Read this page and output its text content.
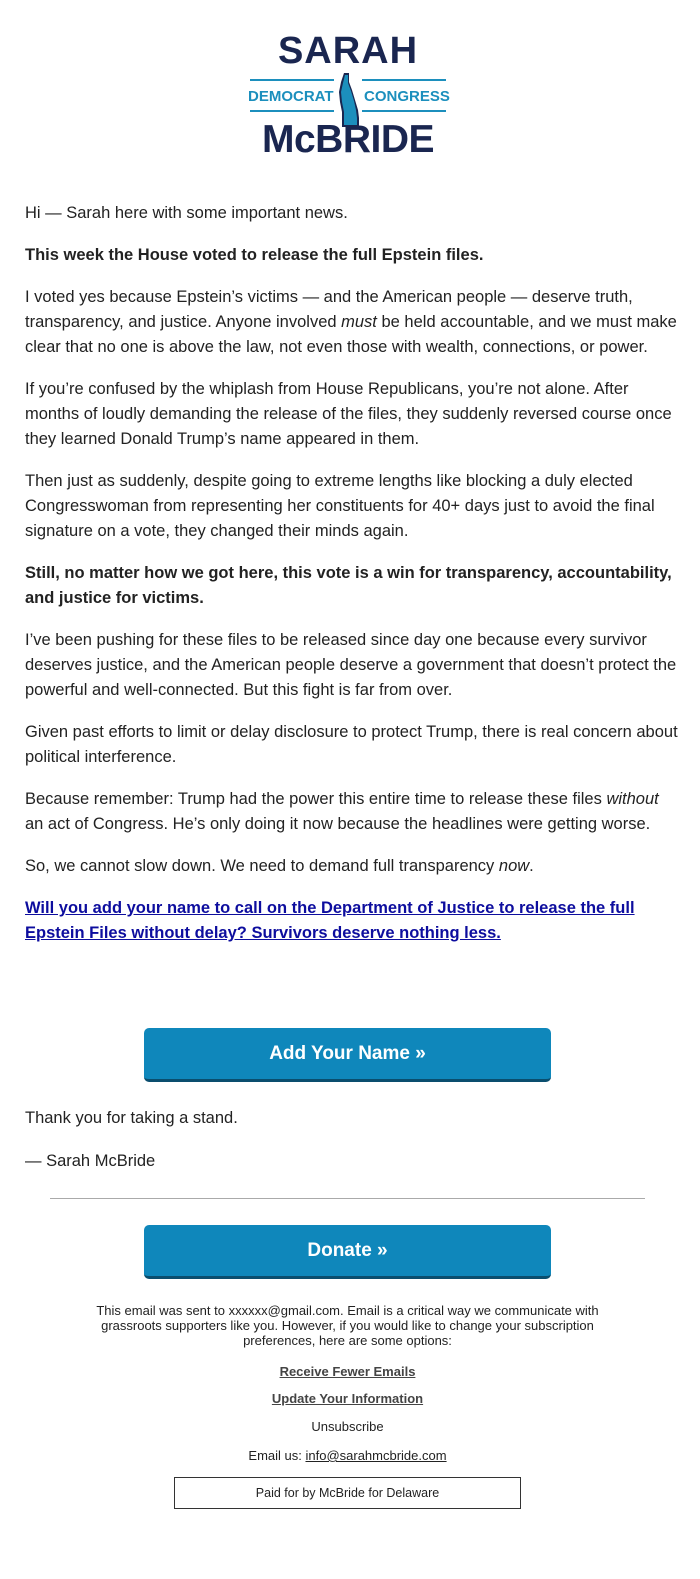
SARAH
DEMOCRAT CONGRESS
McBRIDE

Hi — Sarah here with some important news.

This week the House voted to release the full Epstein files.

I voted yes because Epstein’s victims — and the American people — deserve truth, transparency, and justice. Anyone involved must be held accountable, and we must make clear that no one is above the law, not even those with wealth, connections, or power.

If you’re confused by the whiplash from House Republicans, you’re not alone. After months of loudly demanding the release of the files, they suddenly reversed course once they learned Donald Trump’s name appeared in them.

Then just as suddenly, despite going to extreme lengths like blocking a duly elected Congresswoman from representing her constituents for 40+ days just to avoid the final signature on a vote, they changed their minds again.

Still, no matter how we got here, this vote is a win for transparency, accountability, and justice for victims.

I’ve been pushing for these files to be released since day one because every survivor deserves justice, and the American people deserve a government that doesn’t protect the powerful and well-connected. But this fight is far from over.

Given past efforts to limit or delay disclosure to protect Trump, there is real concern about political interference.

Because remember: Trump had the power this entire time to release these files without an act of Congress. He’s only doing it now because the headlines were getting worse.

So, we cannot slow down. We need to demand full transparency now.

Will you add your name to call on the Department of Justice to release the full Epstein Files without delay? Survivors deserve nothing less.

Add Your Name »
Thank you for taking a stand.
— Sarah McBride
Donate »
This email was sent to xxxxxx@gmail.com. Email is a critical way we communicate with grassroots supporters like you. However, if you would like to change your subscription preferences, here are some options:
Receive Fewer Emails
Update Your Information
Unsubscribe
Email us: info@sarahmcbride.com
Paid for by McBride for Delaware
